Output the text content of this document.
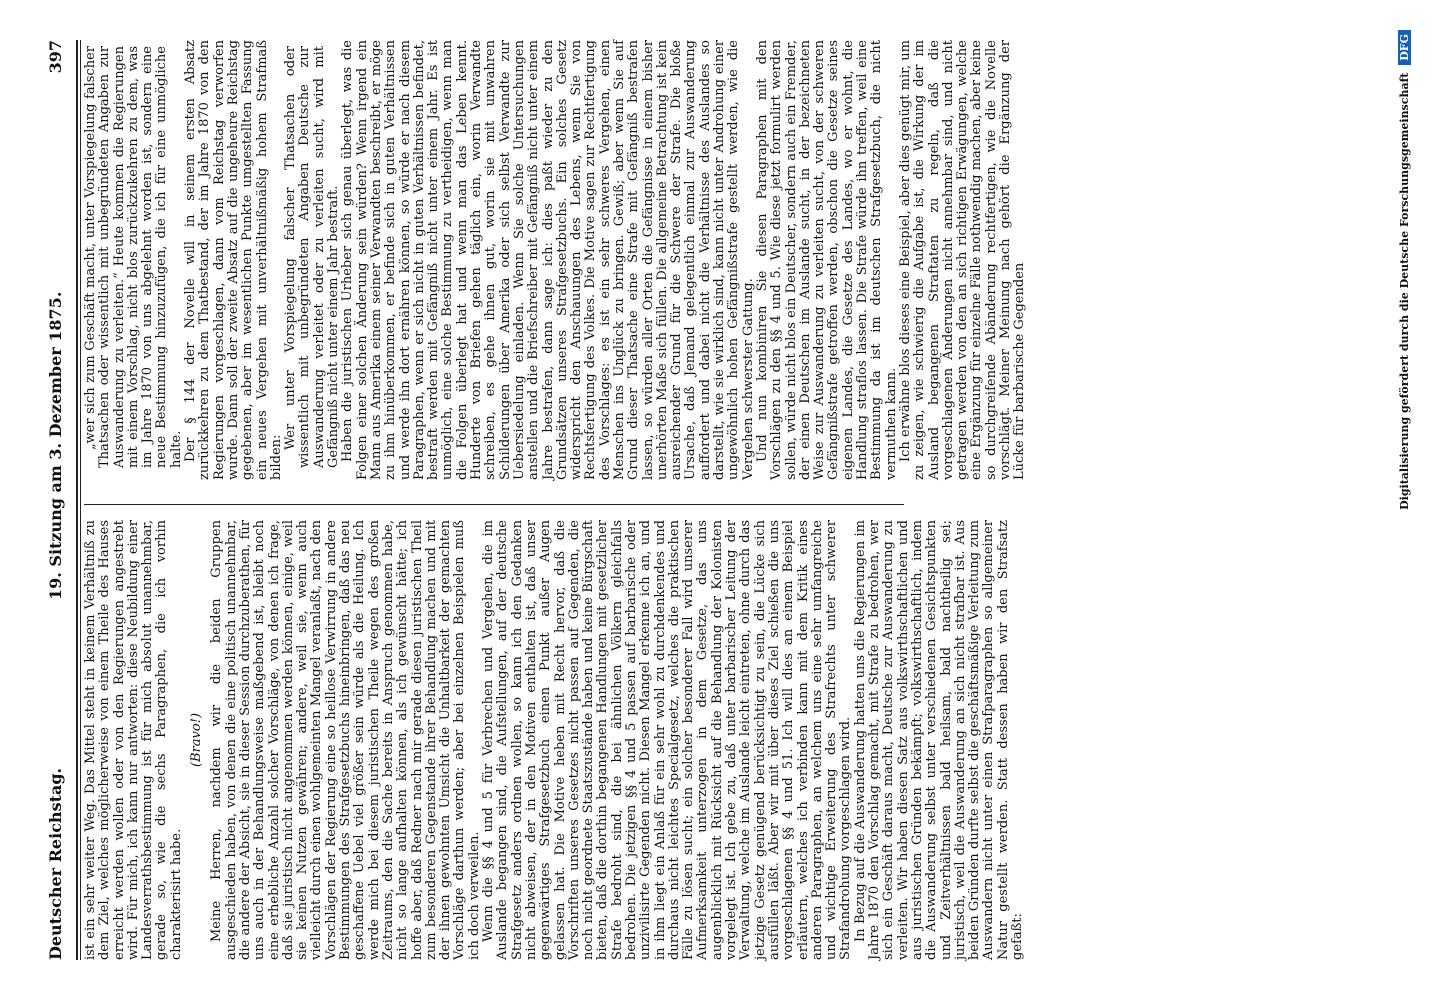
Deutscher Reichstag.
19. Sitzung am 3. Dezember 1875.
397

ist ein sehr weiter Weg. Das Mittel steht in keinem Verhältniß zu dem Ziel, welches möglicherweise von einem Theile des Hauses erreicht werden wollen oder von den Regierungen angestrebt wird. Für mich, ich kann nur antworten: diese Neubildung einer Landesverrathsbestimmung ist für mich absolut unannehmbar, gerade so, wie die sechs Paragraphen, die ich vorhin charakterisirt habe.

(Bravo!) Meine Herren, nachdem wir die beiden Gruppen ausgeschieden haben, von denen die eine politisch unannehmbar, die andere der Absicht, sie in dieser Session durchzuberathen, für uns auch in der Behandlungsweise maßgebend ist, bleibt noch eine erhebliche Anzahl solcher Vorschläge, von denen ich frage, daß sie juristisch nicht angenommen werden können, einige, weil sie keinen Nutzen gewähren; andere, weil sie, wenn auch vielleicht durch einen wohlgemeinten Mangel veranlaßt, nach den Vorschlägen der Regierung eine so heillose Verwirrung in andere Bestimmungen des Strafgesetzbuchs hineinbringen, daß das neu geschaffene Uebel viel größer sein würde als die Heilung. Ich werde mich bei diesem juristischen Theile wegen des großen Zeitraums, den die Sache bereits in Anspruch genommen habe, nicht so lange aufhalten können, als ich gewünscht hätte; ich hoffe aber, daß Redner nach mir gerade diesen juristischen Theil zum besonderen Gegenstande ihrer Behandlung machen und mit der ihnen gewohnten Umsicht die Unhaltbarkeit der gemachten Vorschläge darthun werden; aber bei einzelnen Beispielen muß ich doch verweilen. Wenn die §§ 4 und 5 für Verbrechen und Vergehen, die im Auslande begangen sind, die Aufstellungen, auf der deutsche Strafgesetz anders ordnen wollen, so kann ich den Gedanken nicht abweisen, der in den Motiven enthalten ist, daß unser gegenwärtiges Strafgesetzbuch einen Punkt außer Augen gelassen hat. Die Motive heben mit Recht hervor, daß die Vorschriften unseres Gesetzes nicht passen auf Gegenden, die noch nicht geordnete Staatszustände haben und keine Bürgschaft bieten, daß die dorthin begangenen Handlungen mit gesetzlicher Strafe bedroht sind, die bei ähnlichen Völkern gleichfalls bedrohen. Die jetzigen §§ 4 und 5 passen auf barbarische oder unzivilisirte Gegenden nicht. Diesen Mangel erkenne ich an, und in ihm liegt ein Anlaß für ein sehr wohl zu durchdenkendes und durchaus nicht leichtes Specialgesetz, welches die praktischen Fälle zu lösen sucht; ein solcher besonderer Fall wird unserer Aufmerksamkeit unterzogen in dem Gesetze, das uns augenblicklich mit Rücksicht auf die Behandlung der Kolonisten vorgelegt ist. Ich gebe zu, daß unter barbarischer Leitung der Verwaltung, welche im Auslande leicht eintreten, ohne durch das jetzige Gesetz genügend berücksichtigt zu sein, die Lücke sich ausfüllen läßt. Aber wir mit über dieses Ziel schießen die uns vorgeschlagenen §§ 4 und 51. Ich will dies an einem Beispiel erläutern, welches ich verbinden kann mit dem Kritik eines anderen Paragraphen, an welchem uns eine sehr umfangreiche und wichtige Erweiterung des Strafrechts unter schwerer Strafandrohung vorgeschlagen wird. In Bezug auf die Auswanderung hatten uns die Regierungen im Jahre 1870 den Vorschlag gemacht, mit Strafe zu bedrohen, wer sich ein Geschäft daraus macht, Deutsche zur Auswanderung zu verleiten. Wir haben diesen Satz aus volkswirthschaftlichen und aus juristischen Gründen bekämpft; volkswirthschaftlich, indem die Auswanderung selbst unter verschiedenen Gesichtspunkten und Zeitverhältnissen bald heilsam, bald nachtheilig sei; juristisch, weil die Auswanderung an sich nicht strafbar ist. Aus beiden Gründen durfte selbst die geschäftsmäßige Verleitung zum Auswandern nicht unter einen Strafparagraphen so allgemeiner Natur gestellt werden. Statt dessen haben wir den Strafsatz gefaßt:

„wer sich zum Geschäft macht, unter Vorspiegelung falscher Thatsachen oder wissentlich mit unbegründeten Angaben zur Auswanderung zu verleiten.“ Heute kommen die Regierungen mit einem Vorschlag, nicht blos zurückzukehren zu dem, was im Jahre 1870 von uns abgelehnt worden ist, sondern eine neue Bestimmung hinzuzufügen, die ich für eine unmögliche halte. Der § 144 der Novelle will in seinem ersten Absatz zurückkehren zu dem Thatbestand, der im Jahre 1870 von den Regierungen vorgeschlagen, dann vom Reichstag verworfen wurde. Dann soll der zweite Absatz auf die ungeheure Reichstag gegebenen, aber im wesentlichen Punkte umgestellten Fassung ein neues Vergehen mit unverhältnißmäßig hohem Strafmaß bilden:

Wer unter Vorspiegelung falscher Thatsachen oder wissentlich mit unbegründeten Angaben Deutsche zur Auswanderung verleitet oder zu verleiten sucht, wird mit Gefängniß nicht unter einem Jahr bestraft. Haben die juristischen Urheber sich genau überlegt, was die Folgen einer solchen Änderung sein würden? Wenn irgend ein Mann aus Amerika einem seiner Verwandten beschreibt, er möge zu ihm hinüberkommen, er befinde sich in guten Verhältnissen und werde ihn dort ernähren können, so würde er nach diesem Paragraphen, wenn er sich nicht in guten Verhältnissen befindet, bestraft werden mit Gefängniß nicht unter einem Jahr. Es ist unmöglich, eine solche Bestimmung zu vertheidigen, wenn man die Folgen überlegt hat und wenn man das Leben kennt. Hunderte von Briefen gehen täglich ein, worin Verwandte schreiben, es gehe ihnen gut, worin sie mit unwahren Schilderungen über Amerika oder sich selbst Verwandte zur Uebersiedelung einladen. Wenn Sie solche Untersuchungen anstellen und die Briefschreiber mit Gefängniß nicht unter einem Jahre bestrafen, dann sage ich: dies paßt wieder zu den Grundsätzen unseres Strafgesetzbuchs. Ein solches Gesetz widerspricht den Anschauungen des Lebens, wenn Sie von Rechtsfertigung des Volkes. Die Motive sagen zur Rechtfertigung des Vorschlages: es ist ein sehr schweres Vergehen, einen Menschen ins Unglück zu bringen. Gewiß; aber wenn Sie auf Grund dieser Thatsache eine Strafe mit Gefängniß bestrafen lassen, so würden aller Orten die Gefängnisse in einem bisher unerhörten Maße sich füllen. Die allgemeine Betrachtung ist kein ausreichender Grund für die Schwere der Strafe. Die bloße Ursache, daß Jemand gelegentlich einmal zur Auswanderung auffordert und dabei nicht die Verhältnisse des Auslandes so darstellt, wie sie wirklich sind, kann nicht unter Androhung einer ungewöhnlich hohen Gefängnißstrafe gestellt werden, wie die Vergehen schwerster Gattung. Und nun kombiniren Sie diesen Paragraphen mit den Vorschlägen zu den §§ 4 und 5. Wie diese jetzt formulirt werden sollen, würde nicht blos ein Deutscher, sondern auch ein Fremder, der einen Deutschen im Auslande sucht, in der bezeichneten Weise zur Auswanderung zu verleiten sucht, von der schweren Gefängnißstrafe getroffen werden, obschon die Gesetze seines eigenen Landes, die Gesetze des Landes, wo er wohnt, die Handlung straflos lassen. Die Strafe würde ihn treffen, weil eine Bestimmung da ist im deutschen Strafgesetzbuch, die nicht vermuthen kann. Ich erwähne blos dieses eine Beispiel, aber dies genügt mir, um zu zeigen, wie schwierig die Aufgabe ist, die Wirkung der im Ausland begangenen Straftaten zu regeln, daß die vorgeschlagenen Änderungen nicht annehmbar sind, und nicht getragen werden von den an sich richtigen Erwägungen, welche eine Ergänzung für einzelne Fälle nothwendig machen, aber keine so durchgreifende Abänderung rechtfertigen, wie die Novelle vorschlägt. Meiner Meinung nach gehört die Ergänzung der Lücke für barbarische Gegenden	Digitalisierung gefördert durch die Deutsche Forschungsgemeinschaft DFG
